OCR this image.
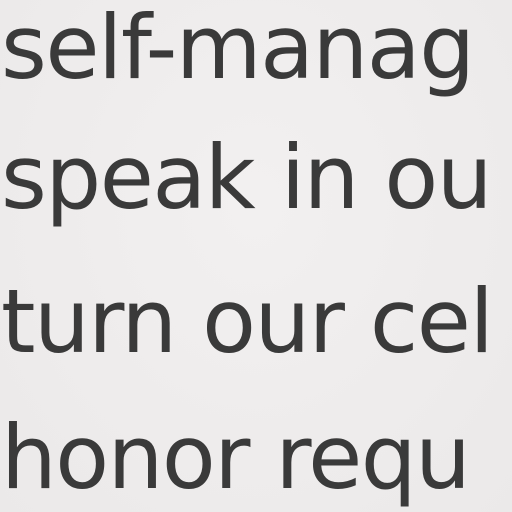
self-manag
speak in ou
turn our cel
honor requ
